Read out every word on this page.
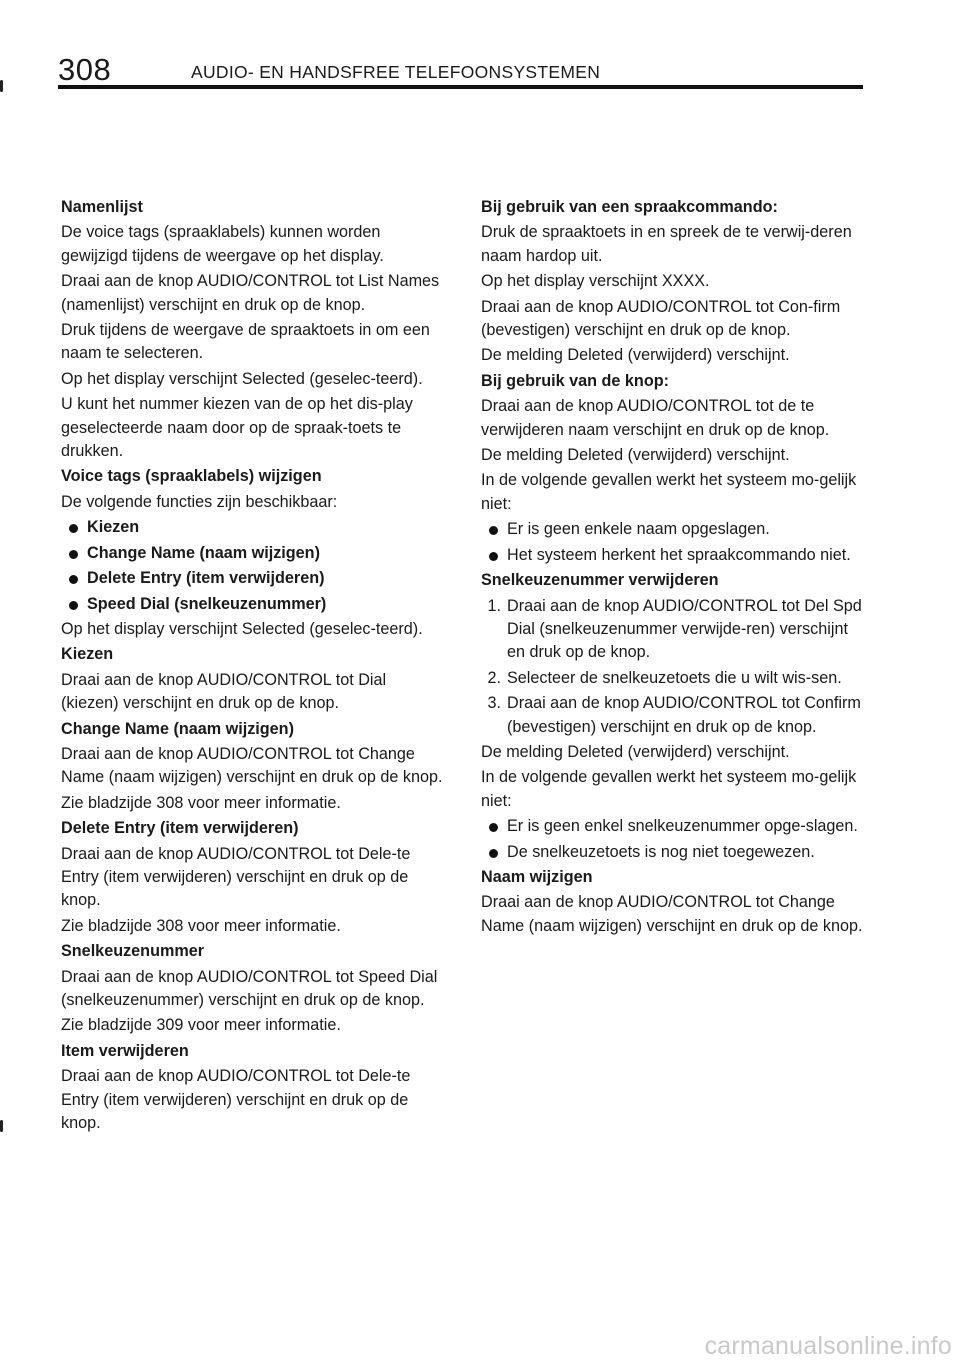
308	AUDIO- EN HANDSFREE TELEFOONSYSTEMEN
Namenlijst
De voice tags (spraaklabels) kunnen worden gewijzigd tijdens de weergave op het display.
Draai aan de knop AUDIO/CONTROL tot List Names (namenlijst) verschijnt en druk op de knop.
Druk tijdens de weergave de spraaktoets in om een naam te selecteren.
Op het display verschijnt Selected (geselec-teerd).
U kunt het nummer kiezen van de op het dis-play geselecteerde naam door op de spraak-toets te drukken.
Voice tags (spraaklabels) wijzigen
De volgende functies zijn beschikbaar:
Kiezen
Change Name (naam wijzigen)
Delete Entry (item verwijderen)
Speed Dial (snelkeuzenummer)
Op het display verschijnt Selected (geselec-teerd).
Kiezen
Draai aan de knop AUDIO/CONTROL tot Dial (kiezen) verschijnt en druk op de knop.
Change Name (naam wijzigen)
Draai aan de knop AUDIO/CONTROL tot Change Name (naam wijzigen) verschijnt en druk op de knop.
Zie bladzijde 308 voor meer informatie.
Delete Entry (item verwijderen)
Draai aan de knop AUDIO/CONTROL tot Dele-te Entry (item verwijderen) verschijnt en druk op de knop.
Zie bladzijde 308 voor meer informatie.
Snelkeuzenummer
Draai aan de knop AUDIO/CONTROL tot Speed Dial (snelkeuzenummer) verschijnt en druk op de knop.
Zie bladzijde 309 voor meer informatie.
Item verwijderen
Draai aan de knop AUDIO/CONTROL tot Dele-te Entry (item verwijderen) verschijnt en druk op de knop.
Bij gebruik van een spraakcommando:
Druk de spraaktoets in en spreek de te verwij-deren naam hardop uit.
Op het display verschijnt XXXX.
Draai aan de knop AUDIO/CONTROL tot Con-firm (bevestigen) verschijnt en druk op de knop.
De melding Deleted (verwijderd) verschijnt.
Bij gebruik van de knop:
Draai aan de knop AUDIO/CONTROL tot de te verwijderen naam verschijnt en druk op de knop.
De melding Deleted (verwijderd) verschijnt.
In de volgende gevallen werkt het systeem mo-gelijk niet:
Er is geen enkele naam opgeslagen.
Het systeem herkent het spraakcommando niet.
Snelkeuzenummer verwijderen
1. Draai aan de knop AUDIO/CONTROL tot Del Spd Dial (snelkeuzenummer verwijde-ren) verschijnt en druk op de knop.
2. Selecteer de snelkeuzetoets die u wilt wis-sen.
3. Draai aan de knop AUDIO/CONTROL tot Confirm (bevestigen) verschijnt en druk op de knop.
De melding Deleted (verwijderd) verschijnt.
In de volgende gevallen werkt het systeem mo-gelijk niet:
Er is geen enkel snelkeuzenummer opge-slagen.
De snelkeuzetoets is nog niet toegewezen.
Naam wijzigen
Draai aan de knop AUDIO/CONTROL tot Change Name (naam wijzigen) verschijnt en druk op de knop.
carmanualsonline.info
